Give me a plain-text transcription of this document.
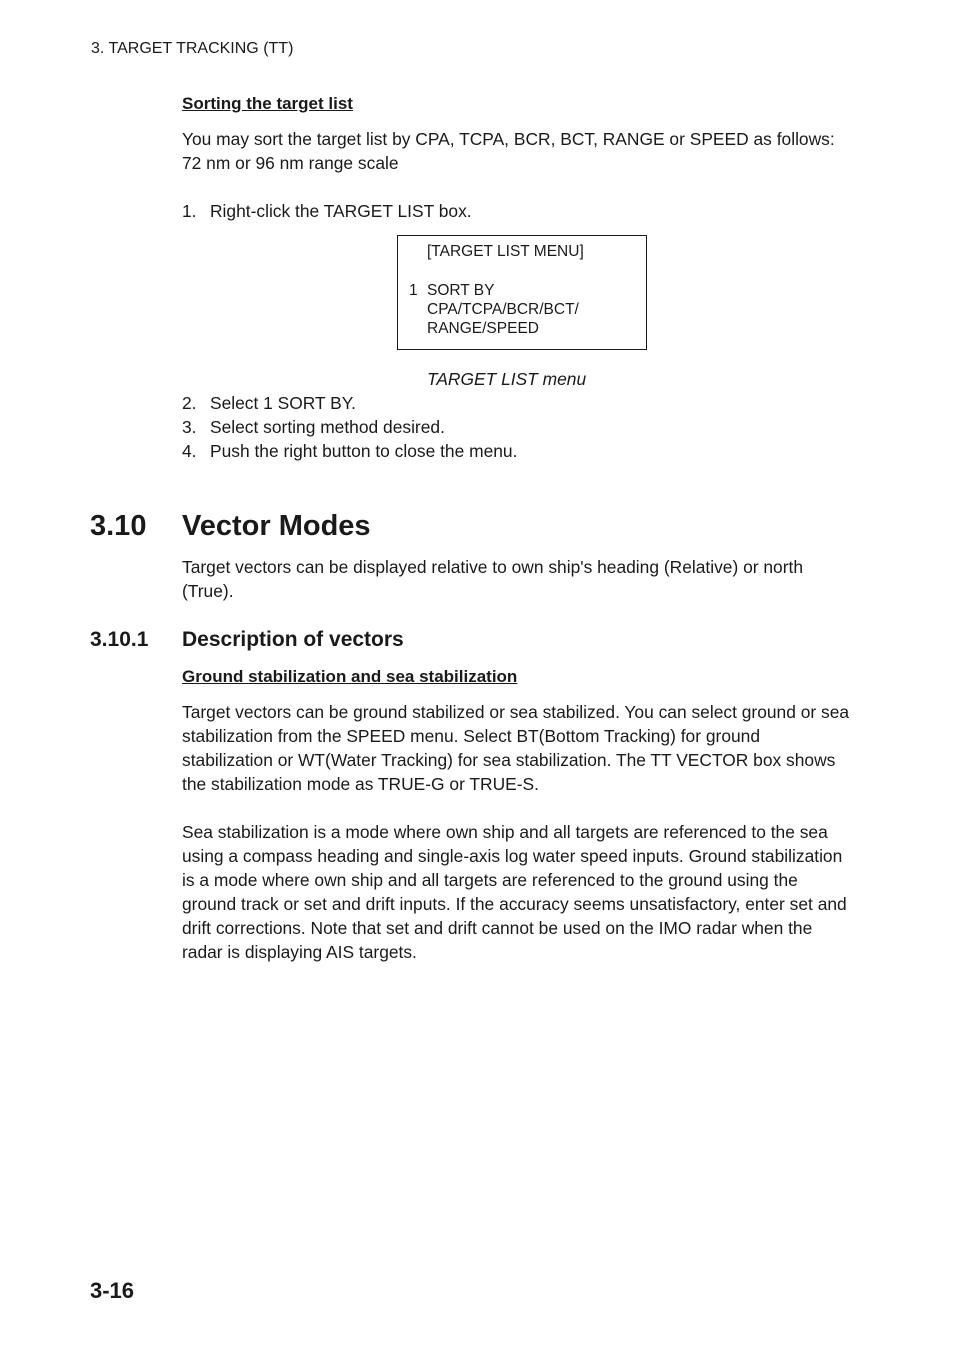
3. TARGET TRACKING (TT)
Sorting the target list
You may sort the target list by CPA, TCPA, BCR, BCT, RANGE or SPEED as follows: 72 nm or 96 nm range scale
1. Right-click the TARGET LIST box.
[TARGET LIST MENU]
1 SORT BY
CPA/TCPA/BCR/BCT/
RANGE/SPEED
TARGET LIST menu
2. Select 1 SORT BY.
3. Select sorting method desired.
4. Push the right button to close the menu.
3.10 Vector Modes
Target vectors can be displayed relative to own ship's heading (Relative) or north (True).
3.10.1 Description of vectors
Ground stabilization and sea stabilization
Target vectors can be ground stabilized or sea stabilized. You can select ground or sea stabilization from the SPEED menu. Select BT(Bottom Tracking) for ground stabilization or WT(Water Tracking) for sea stabilization. The TT VECTOR box shows the stabilization mode as TRUE-G or TRUE-S.
Sea stabilization is a mode where own ship and all targets are referenced to the sea using a compass heading and single-axis log water speed inputs. Ground stabilization is a mode where own ship and all targets are referenced to the ground using the ground track or set and drift inputs. If the accuracy seems unsatisfactory, enter set and drift corrections. Note that set and drift cannot be used on the IMO radar when the radar is displaying AIS targets.
3-16
